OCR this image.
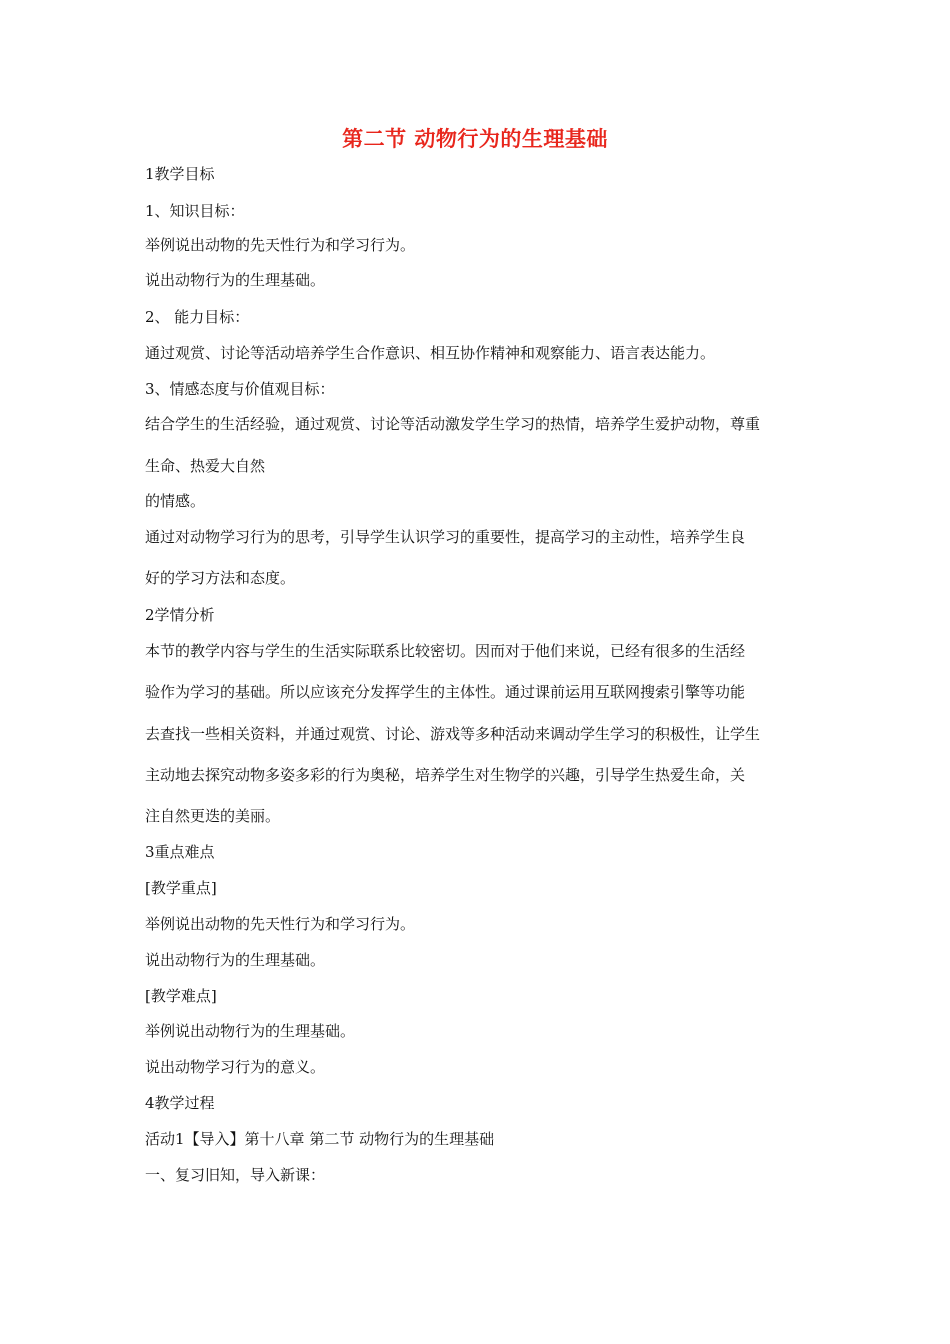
第二节 动物行为的生理基础
1教学目标
1、知识目标：
举例说出动物的先天性行为和学习行为。
说出动物行为的生理基础。
2、 能力目标：
通过观赏、讨论等活动培养学生合作意识、相互协作精神和观察能力、语言表达能力。
3、情感态度与价值观目标：
结合学生的生活经验，通过观赏、讨论等活动激发学生学习的热情，培养学生爱护动物，尊重
生命、热爱大自然
的情感。
通过对动物学习行为的思考，引导学生认识学习的重要性，提高学习的主动性，培养学生良
好的学习方法和态度。
2学情分析
本节的教学内容与学生的生活实际联系比较密切。因而对于他们来说，已经有很多的生活经
验作为学习的基础。所以应该充分发挥学生的主体性。通过课前运用互联网搜索引擎等功能
去查找一些相关资料，并通过观赏、讨论、游戏等多种活动来调动学生学习的积极性，让学生
主动地去探究动物多姿多彩的行为奥秘，培养学生对生物学的兴趣，引导学生热爱生命，关
注自然更迭的美丽。
3重点难点
[教学重点]
举例说出动物的先天性行为和学习行为。
说出动物行为的生理基础。
[教学难点]
举例说出动物行为的生理基础。
说出动物学习行为的意义。
4教学过程
活动1【导入】第十八章 第二节 动物行为的生理基础
一、复习旧知，导入新课：
